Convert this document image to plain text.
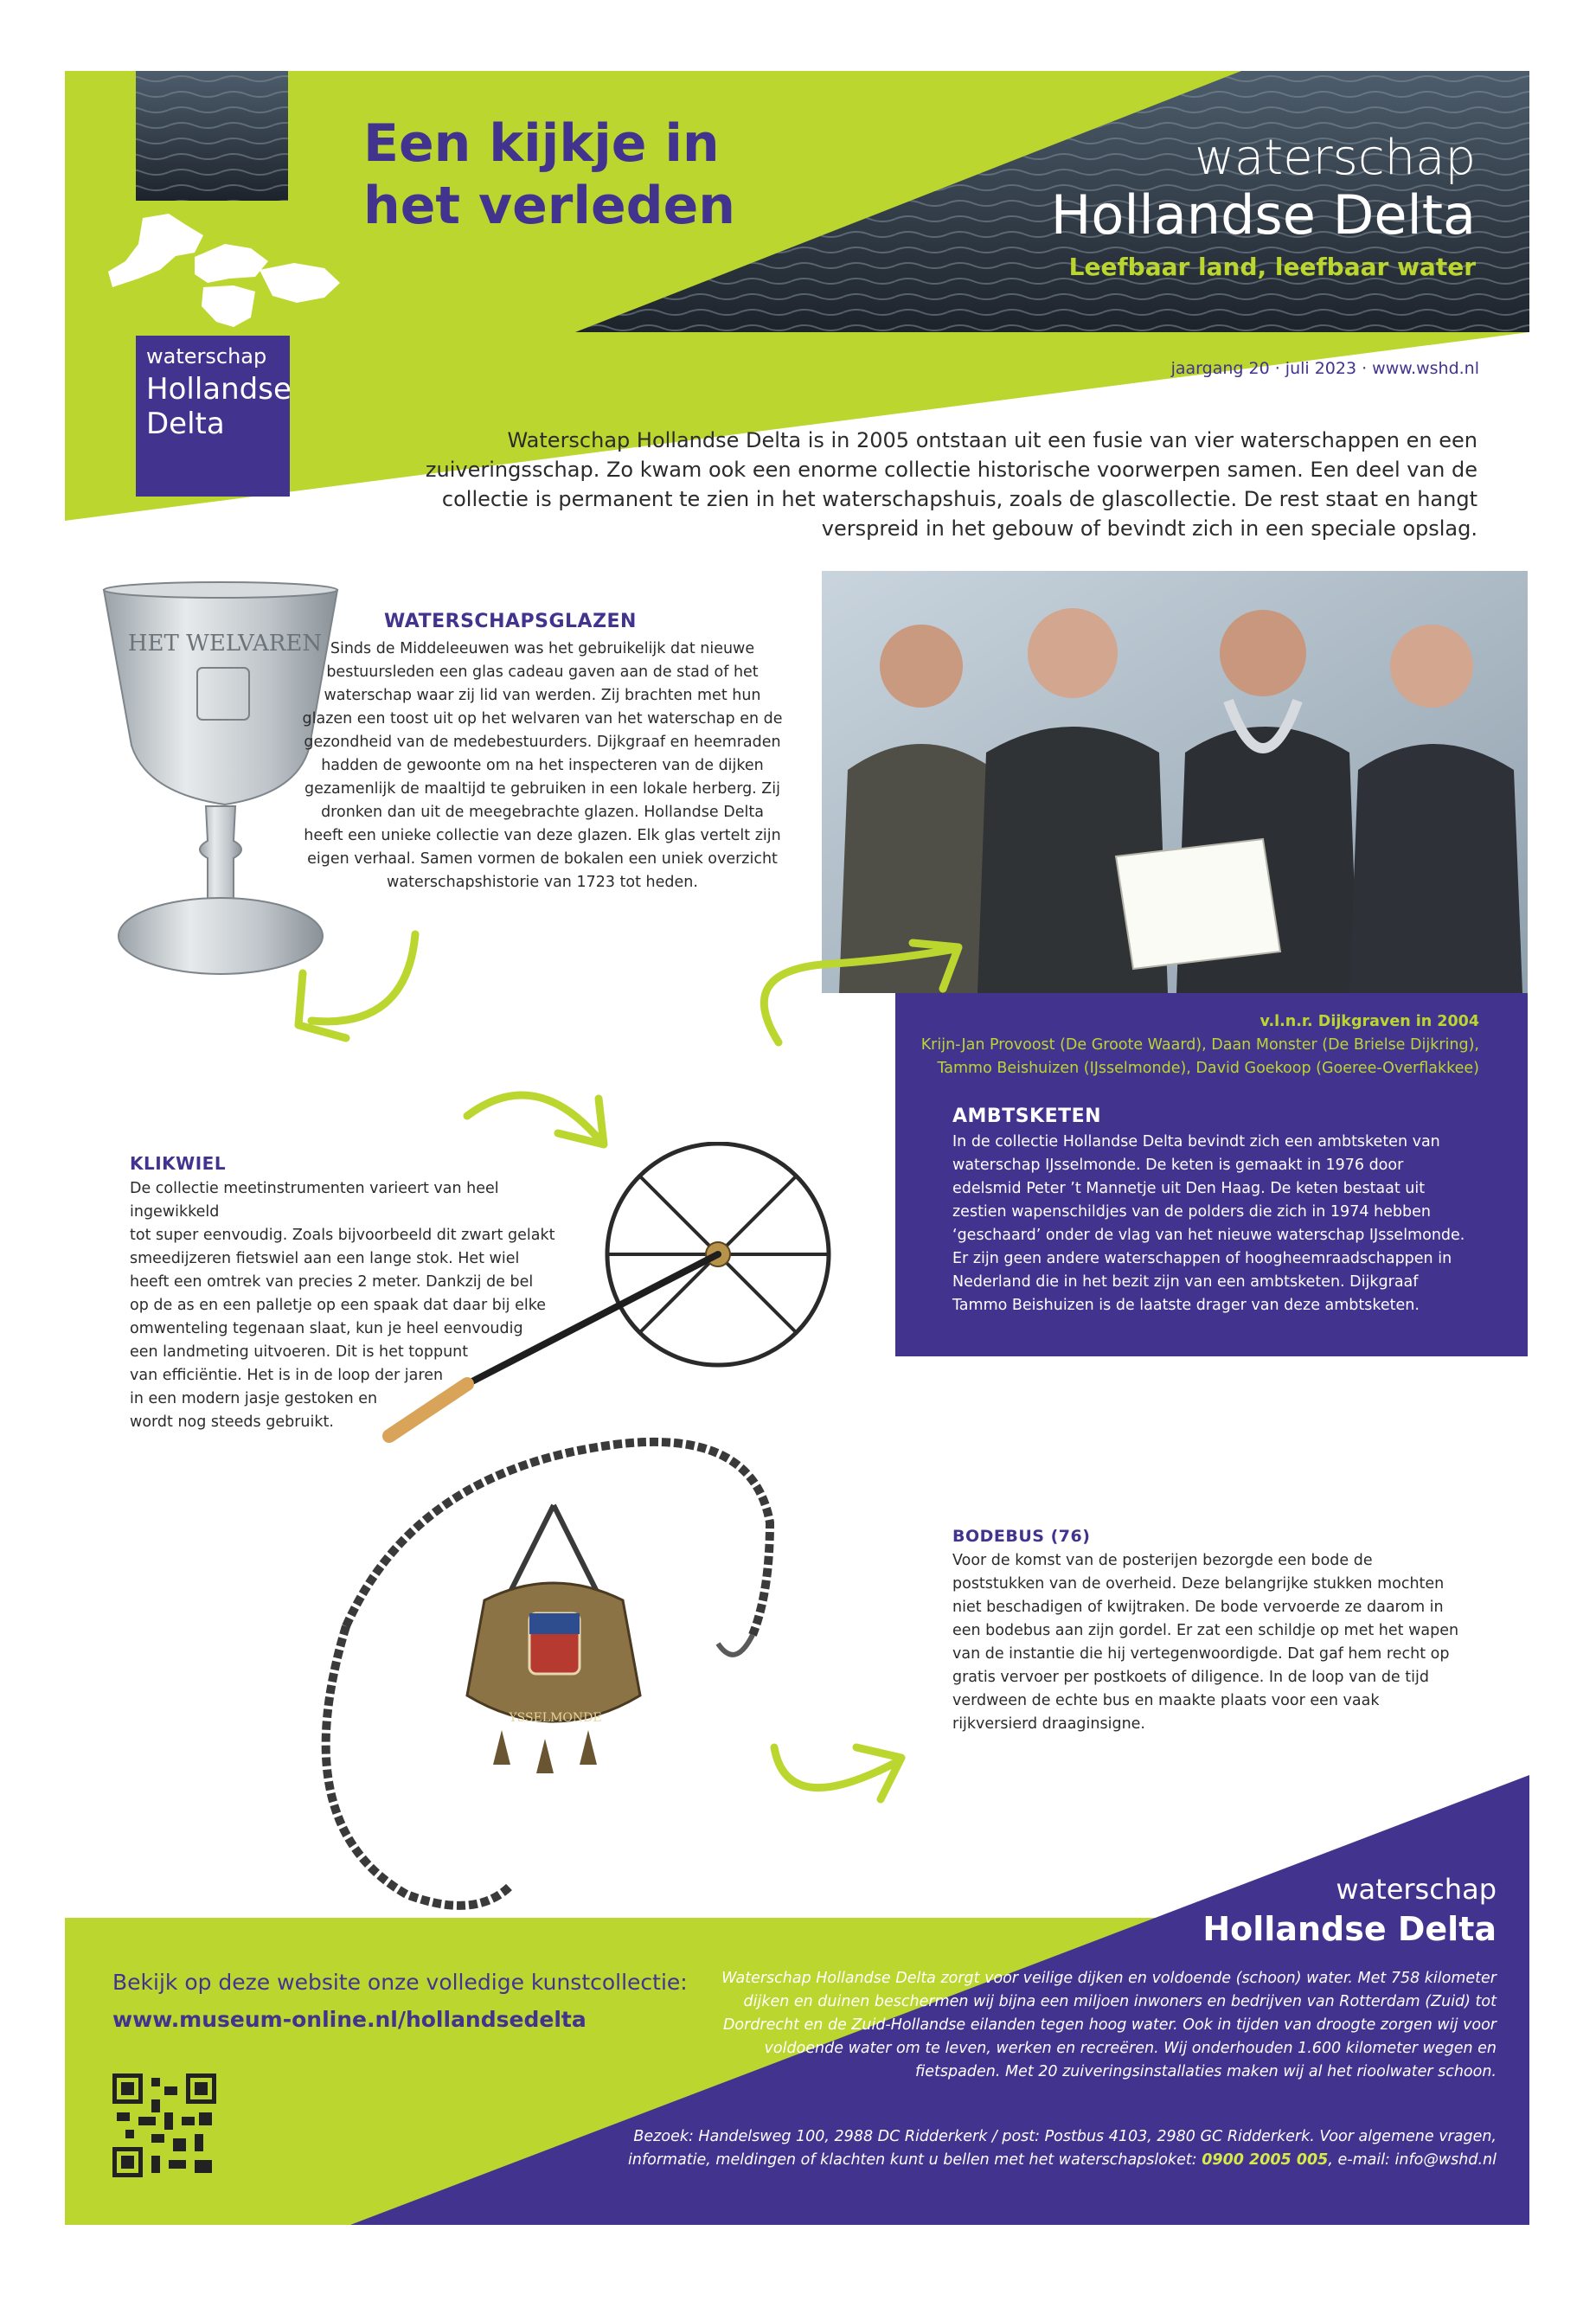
waterschap
Hollandse Delta
Een kijkje in het verleden
waterschap
Hollandse Delta
Leefbaar land, leefbaar water
jaargang 20 · juli 2023 · www.wshd.nl
Waterschap Hollandse Delta is in 2005 ontstaan uit een fusie van vier waterschappen en een zuiveringsschap. Zo kwam ook een enorme collectie historische voorwerpen samen. Een deel van de collectie is permanent te zien in het waterschapshuis, zoals de glascollectie. De rest staat en hangt verspreid in het gebouw of bevindt zich in een speciale opslag.
HET WELVAREN
WATERSCHAPSGLAZEN

Sinds de Middeleeuwen was het gebruikelijk dat nieuwe bestuursleden een glas cadeau gaven aan de stad of het waterschap waar zij lid van werden. Zij brachten met hun glazen een toost uit op het welvaren van het waterschap en de gezondheid van de medebestuurders. Dijkgraaf en heemraden hadden de gewoonte om na het inspecteren van de dijken gezamenlijk de maaltijd te gebruiken in een lokale herberg. Zij dronken dan uit de meegebrachte glazen. Hollandse Delta heeft een unieke collectie van deze glazen. Elk glas vertelt zijn eigen verhaal. Samen vormen de bokalen een uniek overzicht waterschapshistorie van 1723 tot heden.

v.l.n.r. Dijkgraven in 2004
Krijn-Jan Provoost (De Groote Waard), Daan Monster (De Brielse Dijkring),
Tammo Beishuizen (IJsselmonde), David Goekoop (Goeree-Overflakkee)
AMBTSKETEN

In de collectie Hollandse Delta bevindt zich een ambtsketen van waterschap IJsselmonde. De keten is gemaakt in 1976 door edelsmid Peter ’t Mannetje uit Den Haag. De keten bestaat uit zestien wapenschildjes van de polders die zich in 1974 hebben ‘geschaard’ onder de vlag van het nieuwe waterschap IJsselmonde. Er zijn geen andere waterschappen of hoogheemraadschappen in Nederland die in het bezit zijn van een ambtsketen. Dijkgraaf Tammo Beishuizen is de laatste drager van deze ambtsketen.

KLIKWIEL

De collectie meetinstrumenten varieert van heel ingewikkeld

tot super eenvoudig. Zoals bijvoorbeeld dit zwart gelakt

smeedijzeren fietswiel aan een lange stok. Het wiel

heeft een omtrek van precies 2 meter. Dankzij de bel

op de as en een palletje op een spaak dat daar bij elke

omwenteling tegenaan slaat, kun je heel eenvoudig

een landmeting uitvoeren. Dit is het toppunt

van efficiëntie. Het is in de loop der jaren

in een modern jasje gestoken en

wordt nog steeds gebruikt.

YSSELMONDE
BODEBUS (76)

Voor de komst van de posterijen bezorgde een bode de poststukken van de overheid. Deze belangrijke stukken mochten niet beschadigen of kwijtraken. De bode vervoerde ze daarom in een bodebus aan zijn gordel. Er zat een schildje op met het wapen van de instantie die hij vertegenwoordigde. Dat gaf hem recht op gratis vervoer per postkoets of diligence. In de loop van de tijd verdween de echte bus en maakte plaats voor een vaak rijkversierd draaginsigne.

waterschap
Hollandse Delta
Waterschap Hollandse Delta zorgt voor veilige dijken en voldoende (schoon) water. Met 758 kilometer dijken en duinen beschermen wij bijna een miljoen inwoners en bedrijven van Rotterdam (Zuid) tot Dordrecht en de Zuid-Hollandse eilanden tegen hoog water. Ook in tijden van droogte zorgen wij voor voldoende water om te leven, werken en recreëren. Wij onderhouden 1.600 kilometer wegen en fietspaden. Met 20 zuiveringsinstallaties maken wij al het rioolwater schoon.
Bezoek: Handelsweg 100, 2988 DC Ridderkerk / post: Postbus 4103, 2980 GC Ridderkerk. Voor algemene vragen,
informatie, meldingen of klachten kunt u bellen met het waterschapsloket: 0900 2005 005, e-mail: info@wshd.nl
Bekijk op deze website onze volledige kunstcollectie:
www.museum-online.nl/hollandsedelta
